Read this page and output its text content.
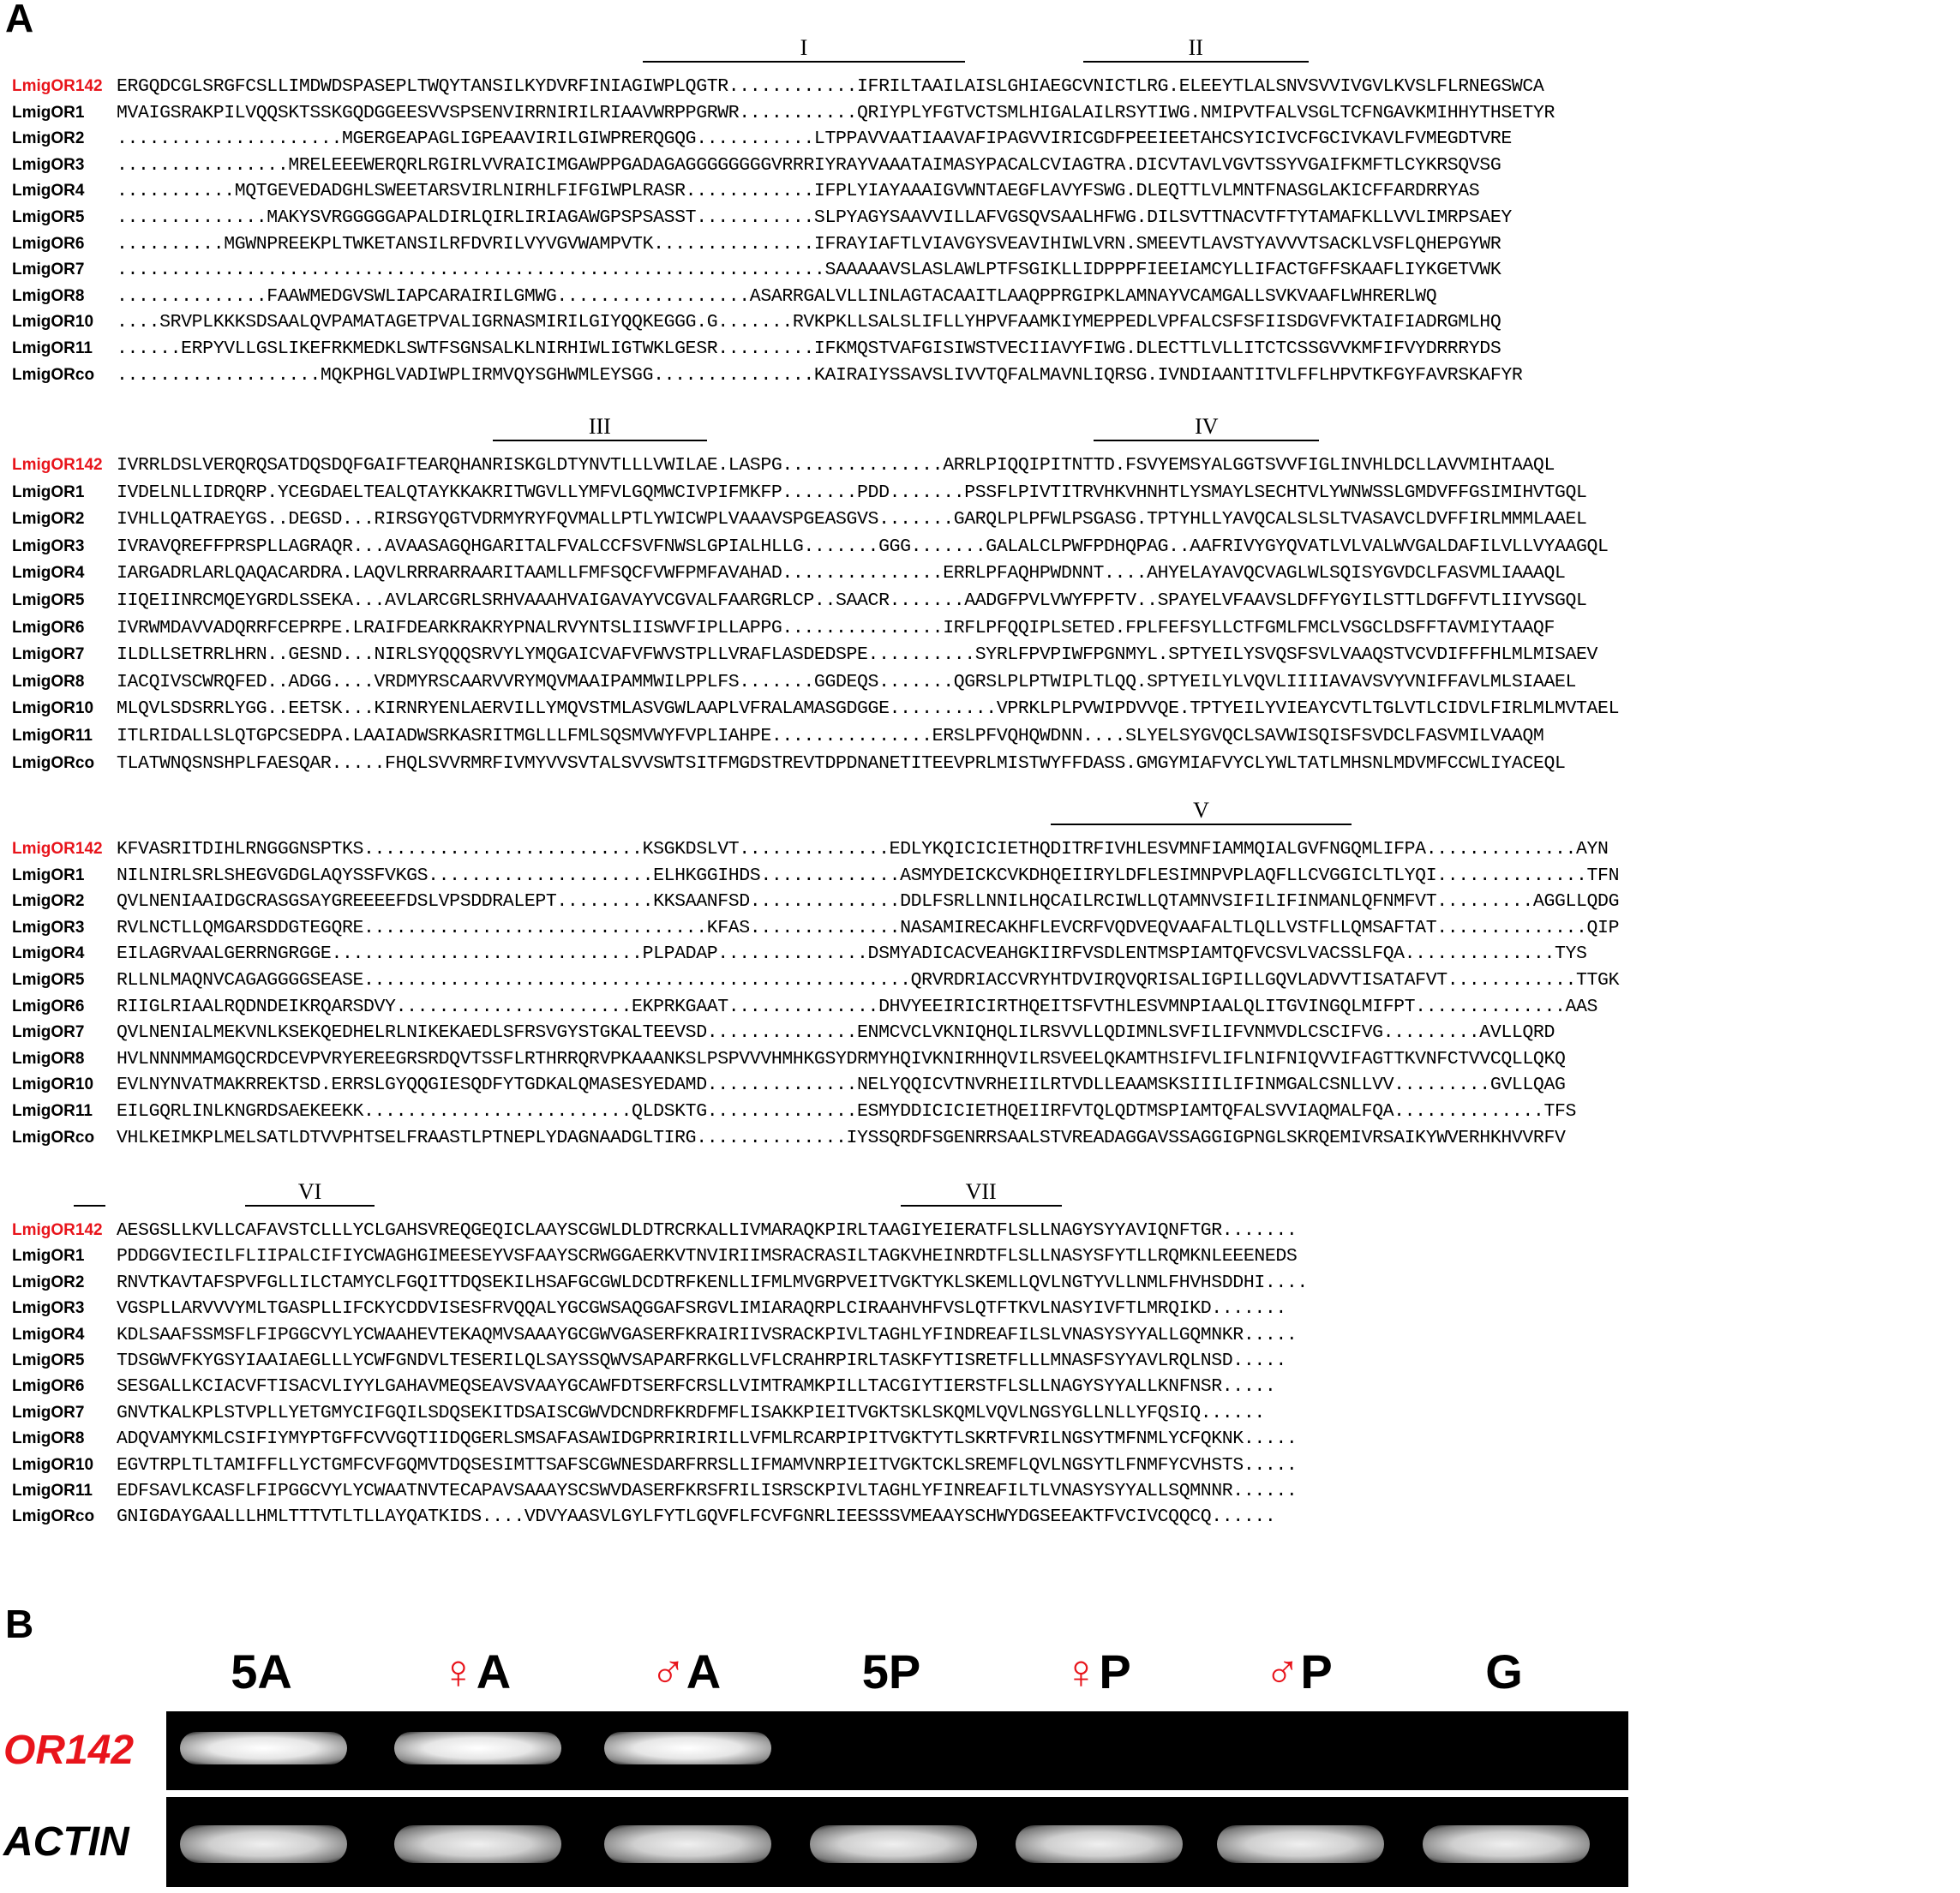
A
B
LmigOR142 ERGQDCGLSRGFCSLLIMDWDSPASEPLTWQYTANSILKYDVRFINIAGIWPLQGTR............IFRILTAAILAISLGHIAEGCVNICTLRG.ELEEYTLALSNVSVVIVGVLKVSLFLRNEGSWCA
LmigOR1	MVAIGSRAKPILVQQSKTSSKGQDGGEESVVSPSENVIRRNIRILRIAAVWRPPGRWR...........QRIYPLYFGTVCTSMLHIGALAILRSYTIWG.NMIPVTFALVSGLTCFNGAVKMIHHYTHSETYR
LmigOR2	.....................MGERGEAPAGLIGPEAAVIRILGIWPRERQGQG...........LTPPAVVAATIAAVAFIPAGVVIRICGDFPEEIEETAHCSYICIVCFGCIVKAVLFVMEGDTVRE
LmigOR3	................MRELEEEWERQRLRGIRLVVRAICIMGAWPPGADAGAGGGGGGGGVRRRIYRAYVAAATAIMASYPACALCVIAGTRA.DICVTAVLVGVTSSYVGAIFKMFTLCYKRSQVSG
LmigOR4	...........MQTGEVEDADGHLSWEETARSVIRLNIRHLFIFGIWPLRASR............IFPLYIAYAAAIGVWNTAEGFLAVYFSWG.DLEQTTLVLMNTFNASGLAKICFFARDRRYAS
LmigOR5	..............MAKYSVRGGGGGAPALDIRLQIRLIRIAGAWGPSPSASST...........SLPYAGYSAAVVILLAFVGSQVSAALHFWG.DILSVTTNACVTFTYTAMAFKLLVVLIMRPSAEY
LmigOR6	..........MGWNPREEKPLTWKETANSILRFDVRILVYVGVWAMPVTK...............IFRAYIAFTLVIAVGYSVEAVIHIWLVRN.SMEEVTLAVSTYAVVVTSACKLVSFLQHEPGYWR
LmigOR7	..................................................................SAAAAAVSLASLAWLPTFSGIKLLIDPPPFIEEIAMCYLLIFACTGFFSKAAFLIYKGETVWK
LmigOR8	..............FAAWMEDGVSWLIAPCARAIRILGMWG..................ASARRGALVLLINLAGTACAAITLAAQPPRGIPKLAMNAYVCAMGALLSVKVAAFLWHRERLWQ
LmigOR10	....SRVPLKKKSDSAALQVPAMATAGETPVALIGRNASMIRILGIYQQKEGGG.G.......RVKPKLLSALSLIFLLYHPVFAAMKIYMEPPEDLVPFALCSFSFIISDGVFVKTAIFIADRGMLHQ
LmigOR11	......ERPYVLLGSLIKEFRKMEDKLSWTFSGNSALKLNIRHIWLIGTWKLGESR.........IFKMQSTVAFGISIWSTVECIIAVYFIWG.DLECTTLVLLITCTCSSGVVKMFIFVYDRRRYDS
LmigORco	...................MQKPHGLVADIWPLIRMVQYSGHWMLEYSGG...............KAIRAIYSSAVSLIVVTQFALMAVNLIQRSG.IVNDIAANTITVLFFLHPVTKFGYFAVRSKAFYR
LmigOR142 IVRRLDSLVERQRQSATDQSDQFGAIFTEARQHANRISKGLDTYNVTLLLVWILAE.LASPG...............ARRLPIQQIPITNTTD.FSVYEMSYALGGTSVVFIGLINVHLDCLLAVVMIHTAAQL
LmigOR1	IVDELNLLIDRQRP.YCEGDAELTEALQTAYKKAKRITWGVLLYMFVLGQMWCIVPIFMKFP.......PDD.......PSSFLPIVTITRVHKVHNHTLYSMAYLSECHTVLYWNWSSLGMDVFFGSIMIHVTGQL
LmigOR2	IVHLLQATRAEYGS..DEGSD...RIRSGYQGTVDRMYRYFQVMALLPTLYWICWPLVAAAVSPGEASGVS.......GARQLPLPFWLPSGASG.TPTYHLLYAVQCALSLSLTVASAVCLDVFFIRLMMMLAAEL
LmigOR3	IVRAVQREFFPRSPLLAGRAQR...AVAASAGQHGARITALFVALCCFSVFNWSLGPIALHLLG.......GGG.......GALALCLPWFPDHQPAG..AAFRIVYGYQVATLVLVALWVGALDAFILVLLVYAAGQL
LmigOR4	IARGADRLARLQAQACARDRA.LAQVLRRRARRAARITAAMLLFMFSQCFVWFPMFAVAHAD...............ERRLPFAQHPWDNNT....AHYELAYAVQCVAGLWLSQISYGVDCLFASVMLIAAAQL
LmigOR5	IIQEIINRCMQEYGRDLSSEKA...AVLARCGRLSRHVAAAHVAIGAVAYVCGVALFAARGRLCP..SAACR.......AADGFPVLVWYFPFTV..SPAYELVFAAVSLDFFYGYILSTTLDGFFVTLIIYVSGQL
LmigOR6	IVRWMDAVVADQRRFCEPRPE.LRAIFDEARKRAKRYPNALRVYNTSLIISWVFIPLLAPPG...............IRFLPFQQIPLSETED.FPLFEFSYLLCTFGMLFMCLVSGCLDSFFTAVMIYTAAQF
LmigOR7	ILDLLSETRRLHRN..GESND...NIRLSYQQQSRVYLYMQGAICVAFVFWVSTPLLVRAFLASDEDSPE..........SYRLFPVPIWFPGNMYL.SPTYEILYSVQSFSVLVAAQSTVCVDIFFFHLMLMISAEV
LmigOR8	IACQIVSCWRQFED..ADGG....VRDMYRSCAARVVRYMQVMAAIPAMMWILPPLFS.......GGDEQS.......QGRSLPLPTWIPLTLQQ.SPTYEILYLVQVLIIIIAVAVSVYVNIFFAVLMLSIAAEL
LmigOR10	MLQVLSDSRRLYGG..EETSK...KIRNRYENLAERVILLYMQVSTMLASVGWLAAPLVFRALAMASGDGGE..........VPRKLPLPVWIPDVVQE.TPTYEILYVIEAYCVTLTGLVTLCIDVLFIRLMLMVTAEL
LmigOR11	ITLRIDALLSLQTGPCSEDPA.LAAIADWSRKASRITMGLLLFMLSQSMVWYFVPLIAHPE...............ERSLPFVQHQWDNN....SLYELSYGVQCLSAVWISQISFSVDCLFASVMILVAAQM
LmigORco	TLATWNQSNSHPLFAESQAR.....FHQLSVVRMRFIVMYVVSVTALSVVSWTSITFMGDSTREVTDPDNANETITEEVPRLMISTWYFFDASS.GMGYMIAFVYCLYWLTATLMHSNLMDVMFCCWLIYACEQL
LmigOR142 KFVASRITDIHLRNGGGNSPTKS..........................KSGKDSLVT..............EDLYKQICICIETHQDITRFIVHLESVMNFIAMMQIALGVFNGQMLIFPA..............AYN
LmigOR1	NILNIRLSRLSHEGVGDGLAQYSSFVKGS.....................ELHKGGIHDS.............ASMYDEICKCVKDHQEIIRYLDFLESIMNPVPLAQFLLCVGGICLTLYQI..............TFN
LmigOR2	QVLNENIAAIDGCRASGSAYGREEEEFDSLVPSDDRALEPT.........KKSAANFSD..............DDLFSRLLNNILHQCAILRCIWLLQTAMNVSIFILIFINMANLQFNMFVT.........AGGLLQDG
LmigOR3	RVLNCTLLQMGARSDDGTEGQRE................................KFAS..............NASAMIRECAKHFLEVCRFVQDVEQVAAFALTLQLLVSTFLLQMSAFTAT..............QIP
LmigOR4	EILAGRVAALGERRNGRGGE.............................PLPADAP..............DSMYADICACVEAHGKIIRFVSDLENTMSPIAMTQFVCSVLVACSSLFQA..............TYS
LmigOR5	RLLNLMAQNVCAGAGGGGSEASE...................................................QRVRDRIACCVRYHTDVIRQVQRISALIGPILLGQVLADVVTISATAFVT............TTGK
LmigOR6	RIIGLRIAALRQDNDEIKRQARSDVY......................EKPRKGAAT..............DHVYEEIRICIRTHQEITSFVTHLESVMNPIAALQLITGVINGQLMIFPT..............AAS
LmigOR7	QVLNENIALMEKVNLKSEKQEDHELRLNIKEKAEDLSFRSVGYSTGKALTEEVSD..............ENMCVCLVKNIQHQLILRSVVLLQDIMNLSVFILIFVNMVDLCSCIFVG.........AVLLQRD
LmigOR8	HVLNNNMMAMGQCRDCEVPVRYEREEGRSRDQVTSSFLRTHRRQRVPKAAANKSLPSPVVVHMHKGSYDRMYHQIVKNIRHHQVILRSVEELQKAMTHSIFVLIFLNIFNIQVVIFAGTTKVNFCTVVCQLLQKQ
LmigOR10	EVLNYNVATMAKRREKTSD.ERRSLGYQQGIESQDFYTGDKALQMASESYEDAMD..............NELYQQICVTNVRHEIILRTVDLLEAAMSKSIIILIFINMGALCSNLLVV.........GVLLQAG
LmigOR11	EILGQRLINLKNGRDSAEKEEKK.........................QLDSKTG..............ESMYDDICICIETHQEIIRFVTQLQDTMSPIAMTQFALSVVIAQMALFQA..............TFS
LmigORco	VHLKEIMKPLMELSATLDTVVPHTSELFRAASTLPTNEPLYDAGNAADGLTIRG..............IYSSQRDFSGENRRSAALSTVREADAGGAVSSAGGIGPNGLSKRQEMIVRSAIKYWVERHKHVVRFV
LmigOR142 AESGSLLKVLLCAFAVSTCLLLYCLGAHSVREQGEQICLAAYSCGWLDLDTRCRKALLIVMARAQKPIRLTAAGIYEIERATFLSLLNAGYSYYAVIQNFTGR.......
LmigOR1	PDDGGVIECILFLIIPALCIFIYCWAGHGIMEESEYVSFAAYSCRWGGAERKVTNVIRIIMSRACRASILTAGKVHEINRDTFLSLLNASYSFYTLLRQMKNLEEENEDS
LmigOR2	RNVTKAVTAFSPVFGLLILCTAMYCLFGQITTDQSEKILHSAFGCGWLDCDTRFKENLLIFMLMVGRPVEITVGKTYKLSKEMLLQVLNGTYVLLNMLFHVHSDDHI....
LmigOR3	VGSPLLARVVVYMLTGASPLLIFCKYCDDVISESFRVQQALYGCGWSAQGGAFSRGVLIMIARAQRPLCIRAAHVHFVSLQTFTKVLNASYIVFTLMRQIKD.......
LmigOR4	KDLSAAFSSMSFLFIPGGCVYLYCWAAHEVTEKAQMVSAAAYGCGWVGASERFKRAIRIIVSRACKPIVLTAGHLYFINDREAFILSLVNASYSYYALLGQMNKR.....
LmigOR5	TDSGWVFKYGSYIAAIAEGLLLYCWFGNDVLTESERILQLSAYSSQWVSAPARFRKGLLVFLCRAHRPIRLTASKFYTISRETFLLLMNASFSYYAVLRQLNSD.....
LmigOR6	SESGALLKCIACVFTISACVLIYYLGAHAVMEQSEAVSVAAYGCAWFDTSERFCRSLLVIMTRAMKPILLTACGIYTIERSTFLSLLNAGYSYYALLKNFNSR.....
LmigOR7	GNVTKALKPLSTVPLLYETGMYCIFGQILSDQSEKITDSAISCGWVDCNDRFKRDFMFLISAKKPIEITVGKTSKLSKQMLVQVLNGSYGLLNLLYFQSIQ......
LmigOR8	ADQVAMYKMLCSIFIYMYPTGFFCVVGQTIIDQGERLSMSAFASAWIDGPRRIRIRILLVFMLRCARPIPITVGKTYTLSKRTFVRILNGSYTMFNMLYCFQKNK.....
LmigOR10	EGVTRPLTLTAMIFFLLYCTGMFCVFGQMVTDQSESIMTTSAFSCGWNESDARFRRSLLIFMAMVNRPIEITVGKTCKLSREMFLQVLNGSYTLFNMFYCVHSTS.....
LmigOR11	EDFSAVLKCASFLFIPGGCVYLYCWAATNVTECAPAVSAAAYSCSWVDASERFKRSFRILISRSCKPIVLTAGHLYFINREAFILTLVNASYSYYALLSQMNNR......
LmigORco	GNIGDAYGAALLLHMLTTTVTLTLLAYQATKIDS....VDVYAASVLGYLFYTLGQVFLFCVFGNRLIEESSSVMEAAYSCHWYDGSEEAKTFVCIVCQQCQ......
I	II
III	IV
V
VI	VII
OR142
ACTIN
5A	♀A	♂A	5P	♀P	♂P	G
